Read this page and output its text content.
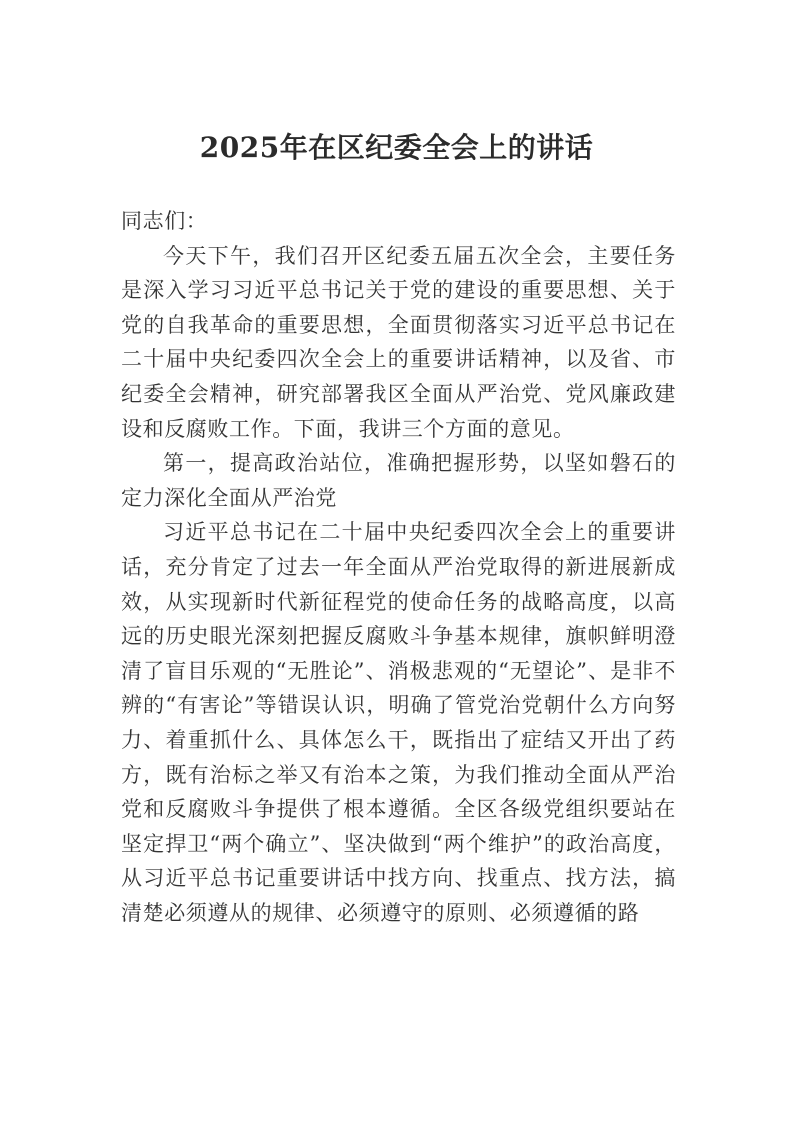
2025年在区纪委全会上的讲话

同志们：

今天下午，我们召开区纪委五届五次全会，主要任务是深入学习习近平总书记关于党的建设的重要思想、关于党的自我革命的重要思想，全面贯彻落实习近平总书记在二十届中央纪委四次全会上的重要讲话精神，以及省、市纪委全会精神，研究部署我区全面从严治党、党风廉政建设和反腐败工作。下面，我讲三个方面的意见。

第一，提高政治站位，准确把握形势，以坚如磐石的定力深化全面从严治党

习近平总书记在二十届中央纪委四次全会上的重要讲话，充分肯定了过去一年全面从严治党取得的新进展新成效，从实现新时代新征程党的使命任务的战略高度，以高远的历史眼光深刻把握反腐败斗争基本规律，旗帜鲜明澄清了盲目乐观的“无胜论”、消极悲观的“无望论”、是非不辨的“有害论”等错误认识，明确了管党治党朝什么方向努力、着重抓什么、具体怎么干，既指出了症结又开出了药方，既有治标之举又有治本之策，为我们推动全面从严治党和反腐败斗争提供了根本遵循。全区各级党组织要站在坚定捍卫“两个确立”、坚决做到“两个维护”的政治高度，从习近平总书记重要讲话中找方向、找重点、找方法，搞清楚必须遵从的规律、必须遵守的原则、必须遵循的路
